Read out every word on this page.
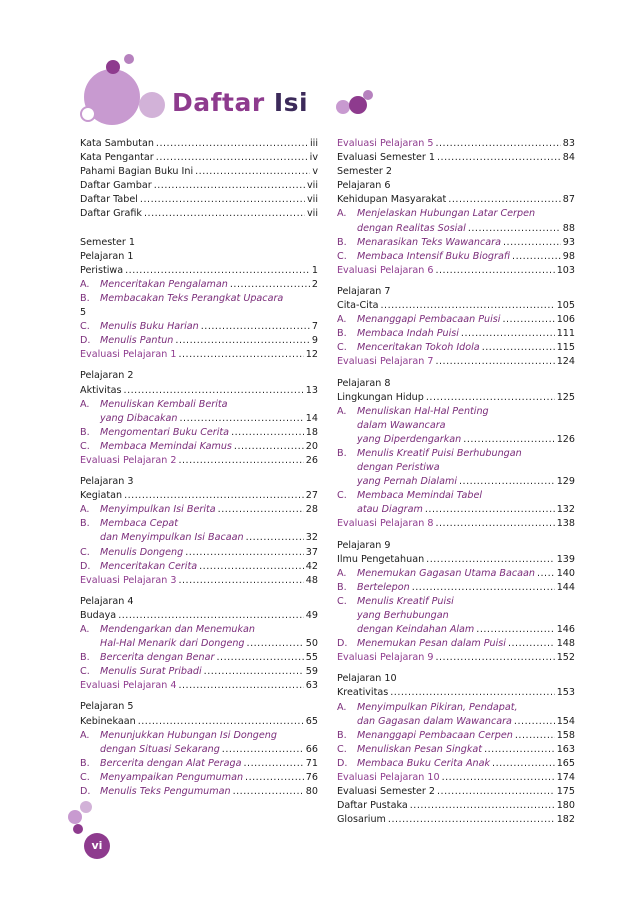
Daftar Isi
Kata Sambutan .....	iii
Kata Pengantar .....	iv
Pahami Bagian Buku Ini .....	v
Daftar Gambar .....	vii
Daftar Tabel .....	vii
Daftar Grafik .....	vii
Semester 1
Pelajaran 1
Peristiwa .....	1
A.	Menceritakan Pengalaman .....	2
B.	Membacakan Teks Perangkat Upacara
5
C.	Menulis Buku Harian .....	7
D. Menulis Pantun .....	9
Evaluasi Pelajaran 1 .....	12
Pelajaran 2
Aktivitas .....	13
A.	Menuliskan Kembali Berita
yang Dibacakan .....	14
B.	Mengomentari Buku Cerita .....	18
C.	Membaca Memindai Kamus .....	20
Evaluasi Pelajaran 2 .....	26
Pelajaran 3
Kegiatan .....	27
A.	Menyimpulkan Isi Berita .....	28
B.	Membaca Cepat
dan Menyimpulkan Isi Bacaan .....	32
C.	Menulis Dongeng .....	37
D. Menceritakan Cerita .....	42
Evaluasi Pelajaran 3 .....	48
Pelajaran 4
Budaya .....	49
A.	Mendengarkan dan Menemukan
Hal-Hal Menarik dari Dongeng .....	50
B.	Bercerita dengan Benar .....	55
C.	Menulis Surat Pribadi .....	59
Evaluasi Pelajaran 4 .....	63
Pelajaran 5
Kebinekaan .....	65
A.	Menunjukkan Hubungan Isi Dongeng
dengan Situasi Sekarang .....	66
B.	Bercerita dengan Alat Peraga .....	71
C.	Menyampaikan Pengumuman .....	76
D. Menulis Teks Pengumuman .....	80
Evaluasi Pelajaran 5 .....	83
Evaluasi Semester 1 .....	84
Semester 2
Pelajaran 6
Kehidupan Masyarakat .....	87
A.	Menjelaskan Hubungan Latar Cerpen
dengan Realitas Sosial .....	88
B.	Menarasikan Teks Wawancara .....	93
C.	Membaca Intensif Buku Biografi .....	98
Evaluasi Pelajaran 6 .....	103
Pelajaran 7
Cita-Cita .....	105
A.	Menanggapi Pembacaan Puisi .....	106
B.	Membaca Indah Puisi .....	111
C.	Menceritakan Tokoh Idola .....	115
Evaluasi Pelajaran 7 .....	124
Pelajaran 8
Lingkungan Hidup .....	125
A.	Menuliskan Hal-Hal Penting
dalam Wawancara
yang Diperdengarkan .....	126
B.	Menulis Kreatif Puisi Berhubungan
dengan Peristiwa
yang Pernah Dialami .....	129
C.	Membaca Memindai Tabel
atau Diagram .....	132
Evaluasi Pelajaran 8 .....	138
Pelajaran 9
Ilmu Pengetahuan .....	139
A.	Menemukan Gagasan Utama Bacaan ..... 140
B.	Bertelepon .....	144
C.	Menulis Kreatif Puisi
yang Berhubungan
dengan Keindahan Alam .....	146
D. Menemukan Pesan dalam Puisi .....	148
Evaluasi Pelajaran 9 .....	152
Pelajaran 10
Kreativitas .....	153
A.	Menyimpulkan Pikiran, Pendapat,
dan Gagasan dalam Wawancara .....	154
B.	Menanggapi Pembacaan Cerpen .....	158
C.	Menuliskan Pesan Singkat .....	163
D. Membaca Buku Cerita Anak .....	165
Evaluasi Pelajaran 10 .....	174
Evaluasi Semester 2 .....	175
Daftar Pustaka .....	180
Glosarium .....	182
vi
